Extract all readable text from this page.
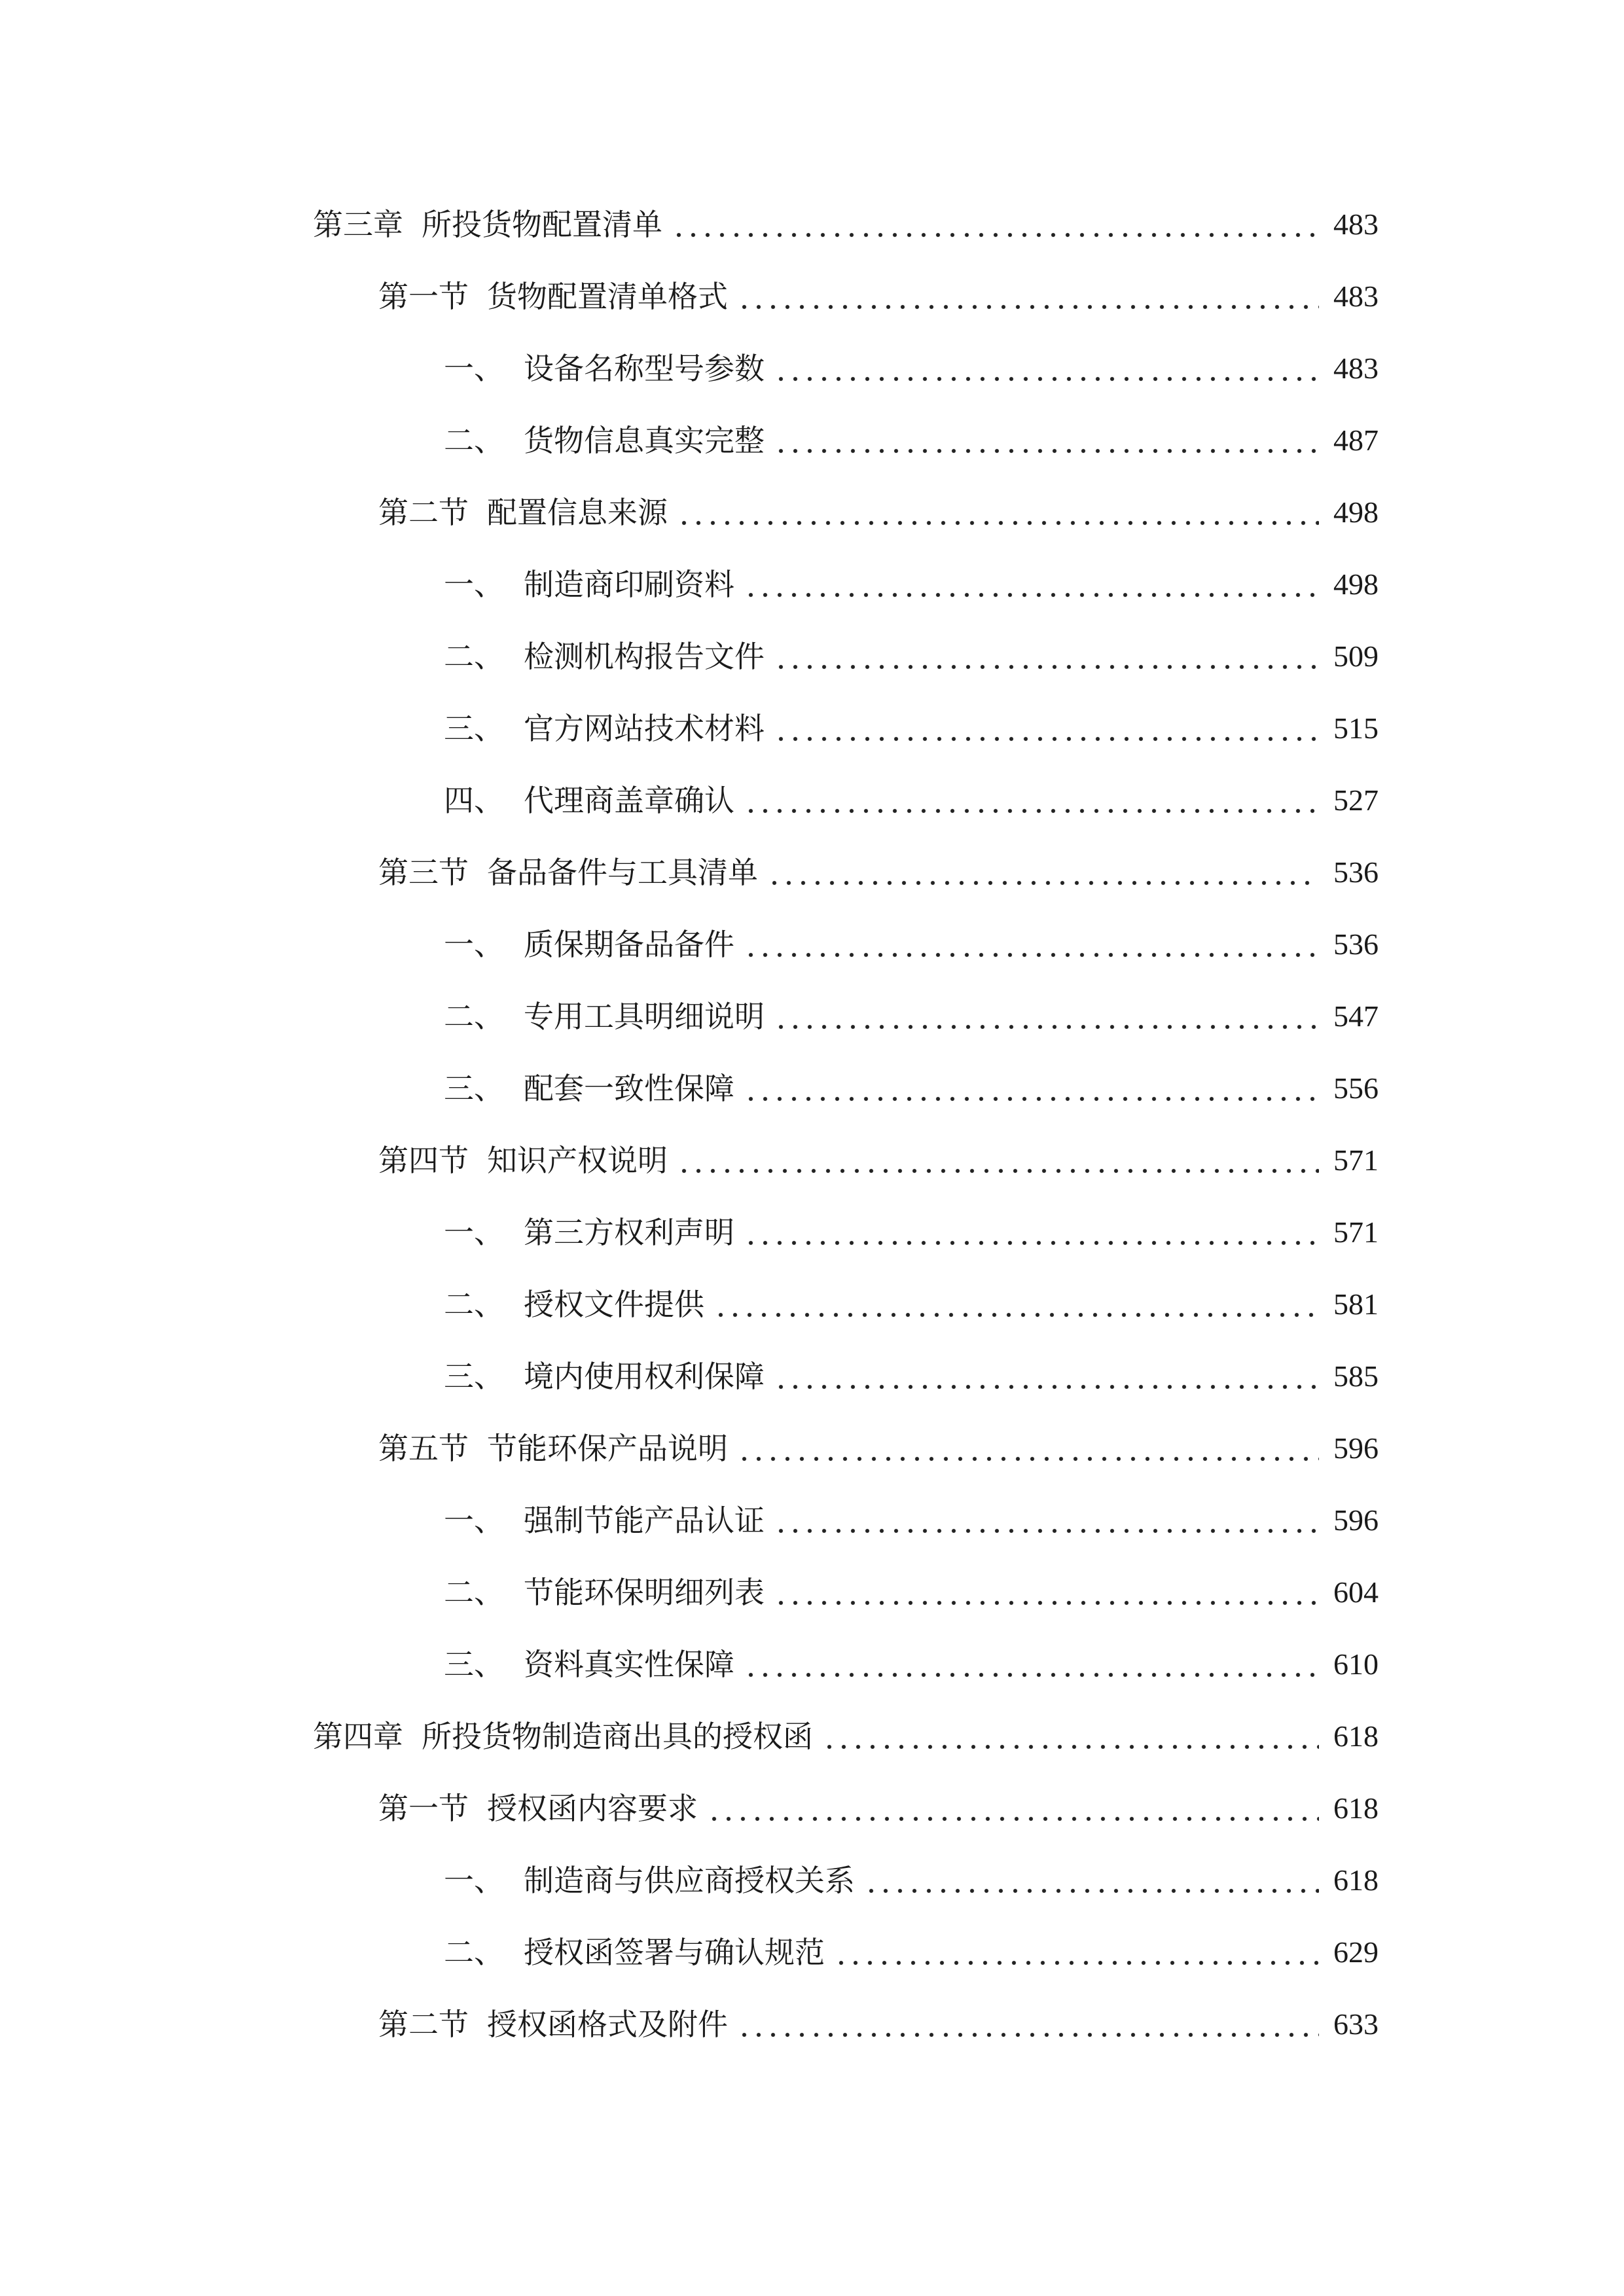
第三章 所投货物配置清单	483
第一节 货物配置清单格式	483
一、 设备名称型号参数	483
二、 货物信息真实完整	487
第二节 配置信息来源	498
一、 制造商印刷资料	498
二、 检测机构报告文件	509
三、 官方网站技术材料	515
四、 代理商盖章确认	527
第三节 备品备件与工具清单	536
一、 质保期备品备件	536
二、 专用工具明细说明	547
三、 配套一致性保障	556
第四节 知识产权说明	571
一、 第三方权利声明	571
二、 授权文件提供	581
三、 境内使用权利保障	585
第五节 节能环保产品说明	596
一、 强制节能产品认证	596
二、 节能环保明细列表	604
三、 资料真实性保障	610
第四章 所投货物制造商出具的授权函	618
第一节 授权函内容要求	618
一、 制造商与供应商授权关系	618
二、 授权函签署与确认规范	629
第二节 授权函格式及附件	633
